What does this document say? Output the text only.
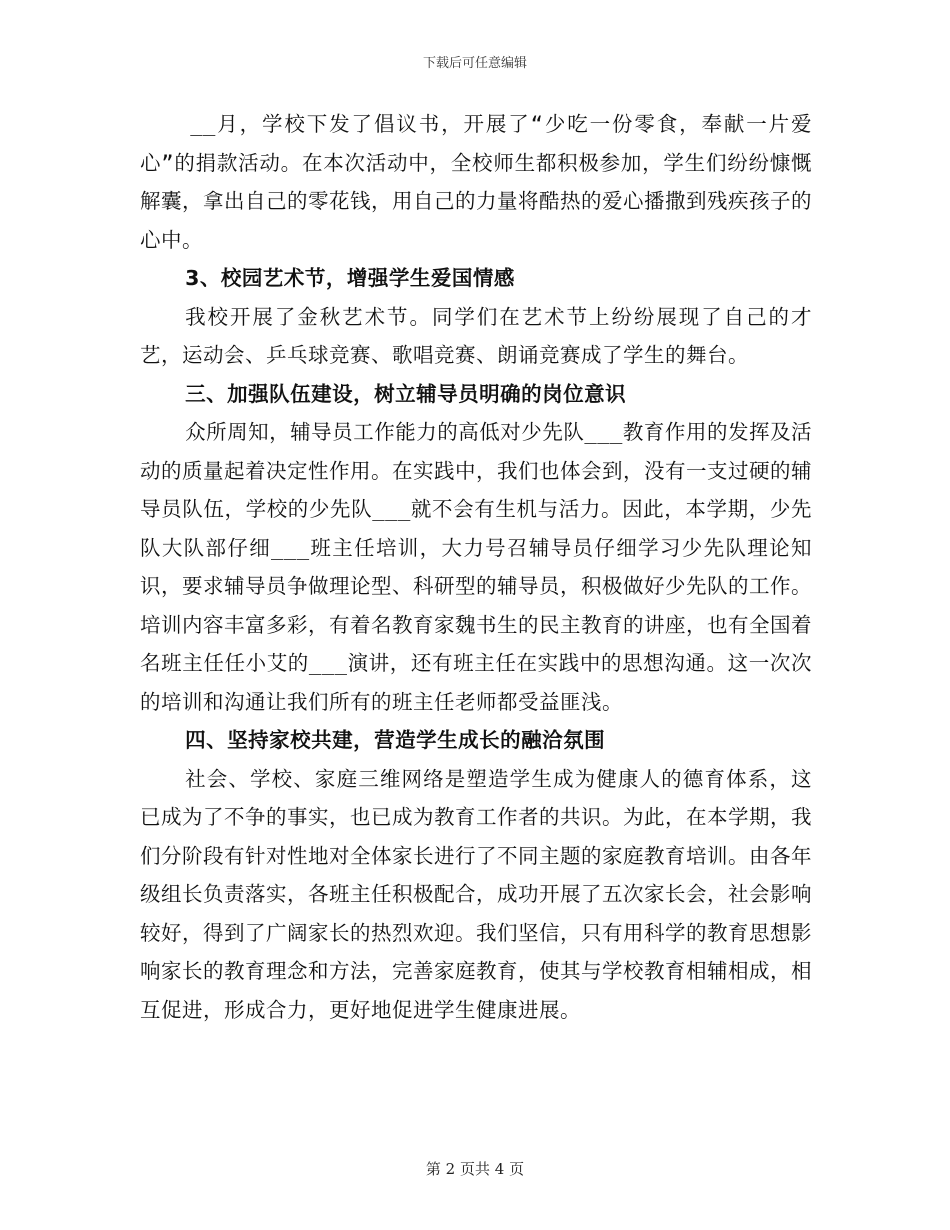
下载后可任意编辑

__月，学校下发了倡议书，开展了“少吃一份零食，奉献一片爱心”的捐款活动。在本次活动中，全校师生都积极参加，学生们纷纷慷慨解囊，拿出自己的零花钱，用自己的力量将酷热的爱心播撒到残疾孩子的心中。

3、校园艺术节，增强学生爱国情感

我校开展了金秋艺术节。同学们在艺术节上纷纷展现了自己的才艺，运动会、乒乓球竞赛、歌唱竞赛、朗诵竞赛成了学生的舞台。

三、加强队伍建设，树立辅导员明确的岗位意识

众所周知，辅导员工作能力的高低对少先队___教育作用的发挥及活动的质量起着决定性作用。在实践中，我们也体会到，没有一支过硬的辅导员队伍，学校的少先队___就不会有生机与活力。因此，本学期，少先队大队部仔细___班主任培训，大力号召辅导员仔细学习少先队理论知识，要求辅导员争做理论型、科研型的辅导员，积极做好少先队的工作。培训内容丰富多彩，有着名教育家魏书生的民主教育的讲座，也有全国着名班主任任小艾的___演讲，还有班主任在实践中的思想沟通。这一次次的培训和沟通让我们所有的班主任老师都受益匪浅。

四、坚持家校共建，营造学生成长的融洽氛围

社会、学校、家庭三维网络是塑造学生成为健康人的德育体系，这已成为了不争的事实，也已成为教育工作者的共识。为此，在本学期，我们分阶段有针对性地对全体家长进行了不同主题的家庭教育培训。由各年级组长负责落实，各班主任积极配合，成功开展了五次家长会，社会影响较好，得到了广阔家长的热烈欢迎。我们坚信，只有用科学的教育思想影响家长的教育理念和方法，完善家庭教育，使其与学校教育相辅相成，相互促进，形成合力，更好地促进学生健康进展。

第 2 页共 4 页
